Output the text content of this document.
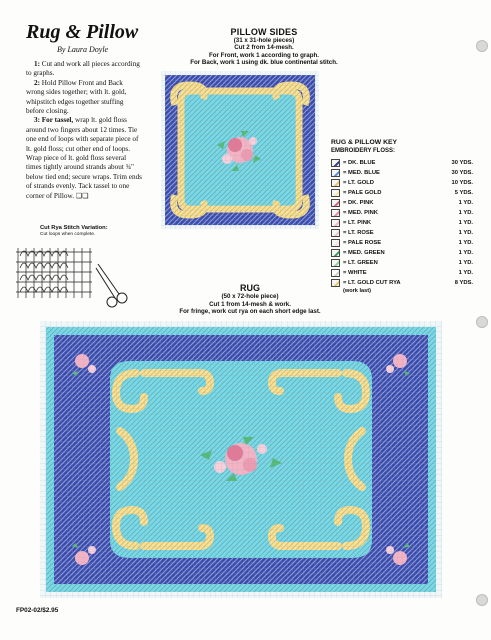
Rug & Pillow
By Laura Doyle

1: Cut and work all pieces according to graphs.

2: Hold Pillow Front and Back wrong sides together; with lt. gold, whipstitch edges together stuffing before closing.

3: For tassel, wrap lt. gold floss around two fingers about 12 times. Tie one end of loops with separate piece of lt. gold floss; cut other end of loops. Wrap piece of lt. gold floss several times tightly around strands about ¾" below tied end; secure wraps. Trim ends of strands evenly. Tack tassel to one corner of Pillow. ❑❑

Cut Rya Stitch Variation:
Cut loops when complete.
PILLOW SIDES
(31 x 31-hole pieces)
Cut 2 from 14-mesh.
For Front, work 1 according to graph.
For Back, work 1 using dk. blue continental stitch.
RUG & PILLOW KEY
EMBROIDERY FLOSS:
= DK. BLUE	30 YDS.
= MED. BLUE	30 YDS.
= LT. GOLD	10 YDS.
= PALE GOLD	5 YDS.
= DK. PINK	1 YD.
= MED. PINK	1 YD.
= LT. PINK	1 YD.
= LT. ROSE	1 YD.
= PALE ROSE	1 YD.
= MED. GREEN	1 YD.
= LT. GREEN	1 YD.
= WHITE	1 YD.
= LT. GOLD CUT RYA	8 YDS.
(work last)
RUG
(50 x 72-hole piece)
Cut 1 from 14-mesh & work.
For fringe, work cut rya on each short edge last.
FP02-02/$2.95
